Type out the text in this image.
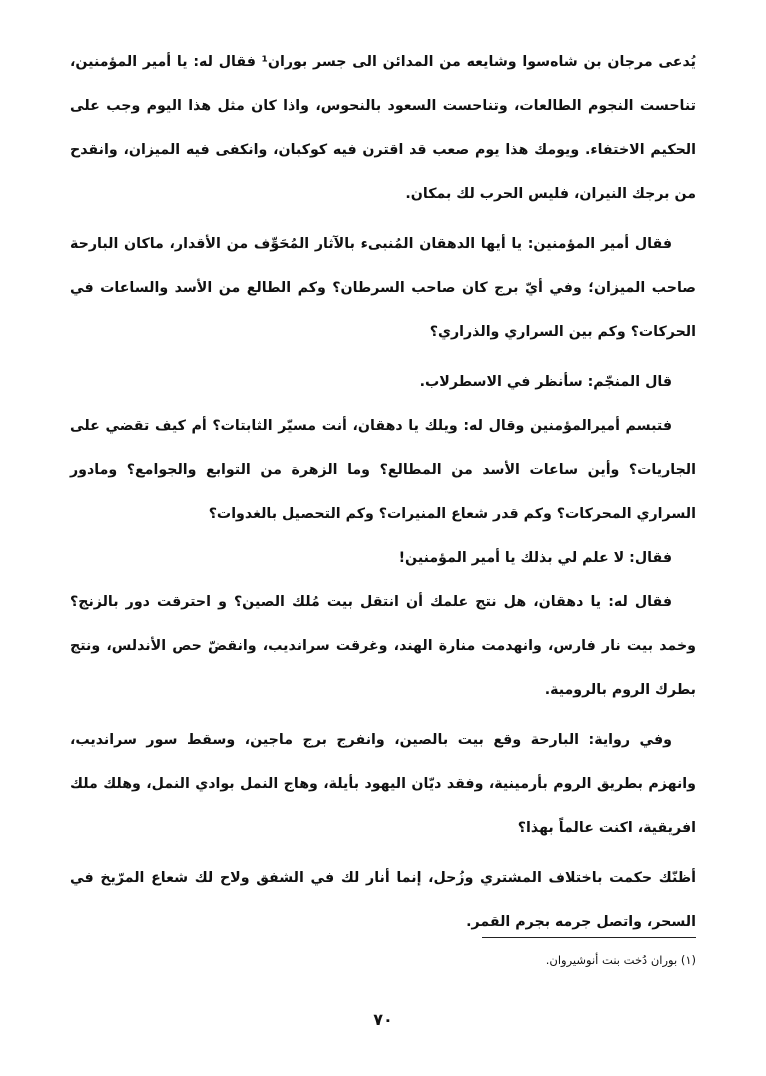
يُدعى مرجان بن شاه‌سوا وشايعه من المدائن الى جسر بوران¹ فقال له: يا أمير المؤمنين، تناحست النجوم الطالعات، وتناحست السعود بالنحوس، واذا كان مثل هذا اليوم وجب على الحكيم الاختفاء. ويومك هذا يوم صعب قد اقترن فيه كوكبان، وانكفى فيه الميزان، وانقدح من برجك النيران، فليس الحرب لك بمكان.

فقال أمير المؤمنين: يا أيها الدهقان المُنبىء بالآثار المُحَوِّف من الأقدار، ماكان البارحة صاحب الميزان؛ وفي أيّ برج كان صاحب السرطان؟ وكم الطالع من الأسد والساعات في الحركات؟ وكم بين السراري والذراري؟

قال المنجّم: سأنظر في الاسطرلاب.

فتبسم أميرالمؤمنين وقال له: ويلك يا دهقان، أنت مسيّر الثابتات؟ أم كيف تقضي على الجاريات؟ وأين ساعات الأسد من المطالع؟ وما الزهرة من التوابع والجوامع؟ ومادور السراري المحركات؟ وكم قدر شعاع المنيرات؟ وكم التحصيل بالغدوات؟

فقال: لا علم لي بذلك يا أمير المؤمنين!

فقال له: يا دهقان، هل نتج علمك أن انتقل بيت مُلك الصين؟ و احترقت دور بالزنج؟ وخمد بيت نار فارس، وانهدمت منارة الهند، وغرقت سرانديب، وانقضّ حص الأندلس، ونتج بطرك الروم بالرومية.

وفي رواية: البارحة وقع بيت بالصين، وانفرج برج ماجين، وسقط سور سرانديب، وانهزم بطريق الروم بأرمينية، وفقد ديّان اليهود بأيلة، وهاج النمل بوادي النمل، وهلك ملك افريقية، اكنت عالماً بهذا؟

أظنّك حكمت باختلاف المشتري وزُحل، إنما أنار لك في الشفق ولاح لك شعاع المرّيخ في السحر، واتصل جرمه بجرم القمر.

(١) بوران دُخت بنت أنوشيروان.
٧٠
